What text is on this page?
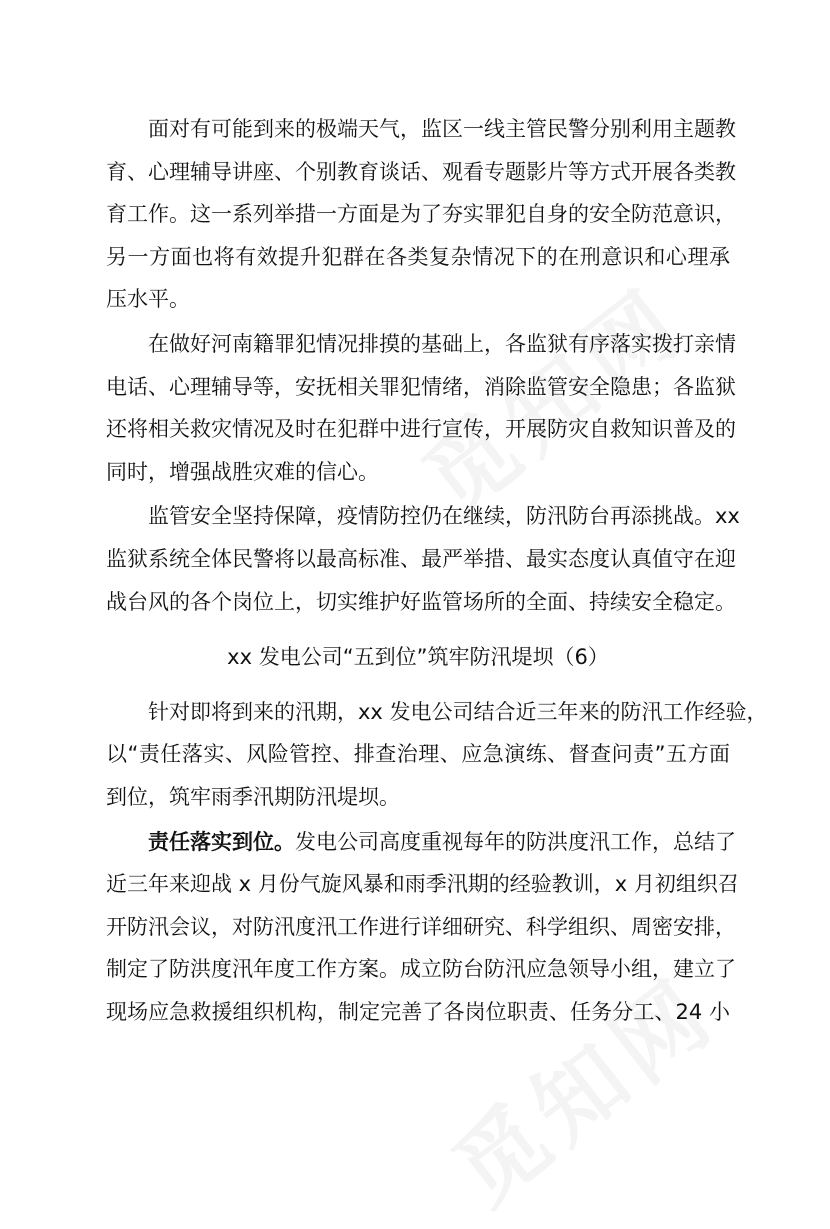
面对有可能到来的极端天气，监区一线主管民警分别利用主题教
育、心理辅导讲座、个别教育谈话、观看专题影片等方式开展各类教
育工作。这一系列举措一方面是为了夯实罪犯自身的安全防范意识，
另一方面也将有效提升犯群在各类复杂情况下的在刑意识和心理承
压水平。
在做好河南籍罪犯情况排摸的基础上，各监狱有序落实拨打亲情
电话、心理辅导等，安抚相关罪犯情绪，消除监管安全隐患；各监狱
还将相关救灾情况及时在犯群中进行宣传，开展防灾自救知识普及的
同时，增强战胜灾难的信心。
监管安全坚持保障，疫情防控仍在继续，防汛防台再添挑战。xx
监狱系统全体民警将以最高标准、最严举措、最实态度认真值守在迎
战台风的各个岗位上，切实维护好监管场所的全面、持续安全稳定。
xx 发电公司“五到位”筑牢防汛堤坝（6）
针对即将到来的汛期，xx 发电公司结合近三年来的防汛工作经验，
以“责任落实、风险管控、排查治理、应急演练、督查问责”五方面
到位，筑牢雨季汛期防汛堤坝。
责任落实到位。发电公司高度重视每年的防洪度汛工作，总结了
近三年来迎战 x 月份气旋风暴和雨季汛期的经验教训，x 月初组织召
开防汛会议，对防汛度汛工作进行详细研究、科学组织、周密安排，
制定了防洪度汛年度工作方案。成立防台防汛应急领导小组，建立了
现场应急救援组织机构，制定完善了各岗位职责、任务分工、24 小
